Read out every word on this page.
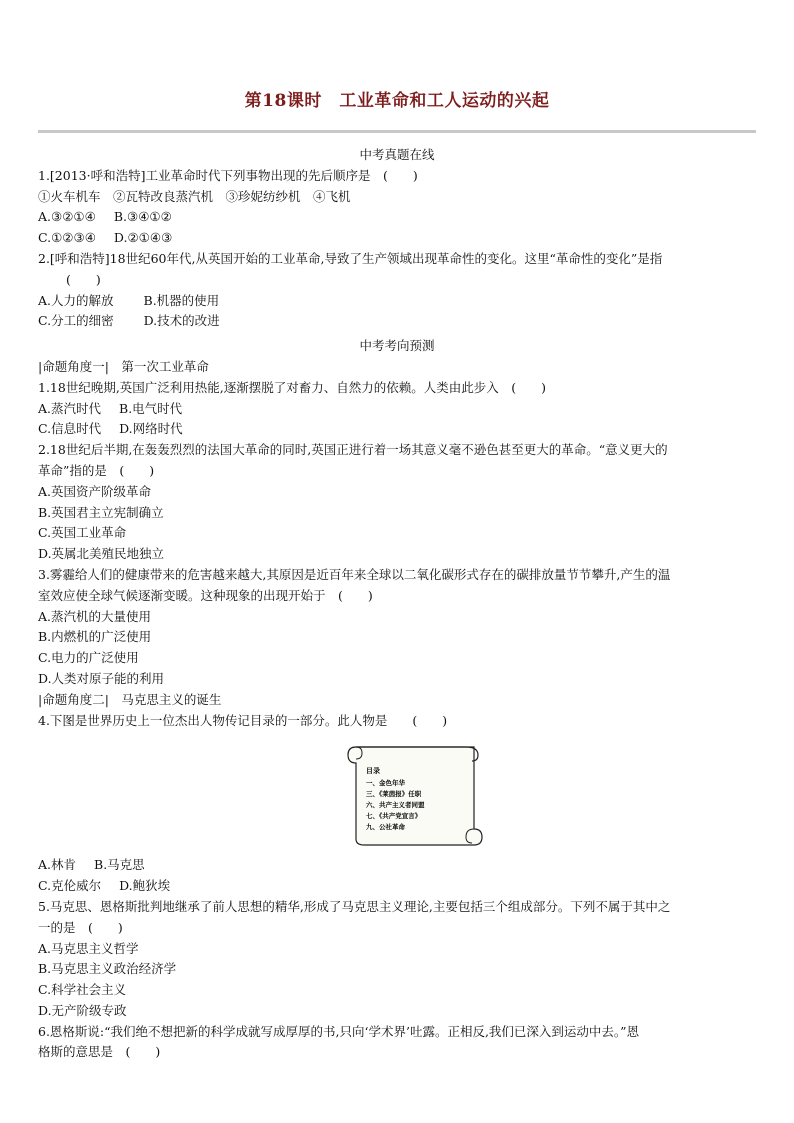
第18课时　工业革命和工人运动的兴起
中考真题在线
1.[2013·呼和浩特]工业革命时代下列事物出现的先后顺序是　(　　)
①火车机车　②瓦特改良蒸汽机　③珍妮纺纱机　④飞机
A.③②①④ B.③④①②
C.①②③④ D.②①④③
2.[呼和浩特]18世纪60年代,从英国开始的工业革命,导致了生产领域出现革命性的变化。这里“革命性的变化”是指
(　　)
A.人力的解放 B.机器的使用
C.分工的细密 D.技术的改进
中考考向预测
|命题角度一|　第一次工业革命
1.18世纪晚期,英国广泛利用热能,逐渐摆脱了对畜力、自然力的依赖。人类由此步入　(　　)
A.蒸汽时代 B.电气时代
C.信息时代 D.网络时代
2.18世纪后半期,在轰轰烈烈的法国大革命的同时,英国正进行着一场其意义毫不逊色甚至更大的革命。“意义更大的
革命”指的是　(　　)
A.英国资产阶级革命
B.英国君主立宪制确立
C.英国工业革命
D.英属北美殖民地独立
3.雾霾给人们的健康带来的危害越来越大,其原因是近百年来全球以二氧化碳形式存在的碳排放量节节攀升,产生的温
室效应使全球气候逐渐变暖。这种现象的出现开始于　(　　)
A.蒸汽机的大量使用
B.内燃机的广泛使用
C.电力的广泛使用
D.人类对原子能的利用
|命题角度二|　马克思主义的诞生
4.下图是世界历史上一位杰出人物传记目录的一部分。此人物是　　(　　)
目录
一、金色年华
三、《莱茵报》任职
六、共产主义者同盟
七、《共产党宣言》
九、公社革命
A.林肯 B.马克思
C.克伦威尔 D.鲍狄埃
5.马克思、恩格斯批判地继承了前人思想的精华,形成了马克思主义理论,主要包括三个组成部分。下列不属于其中之
一的是　(　　)
A.马克思主义哲学
B.马克思主义政治经济学
C.科学社会主义
D.无产阶级专政
6.恩格斯说:“我们绝不想把新的科学成就写成厚厚的书,只向‘学术界’吐露。正相反,我们已深入到运动中去。”恩
格斯的意思是　(　　)
